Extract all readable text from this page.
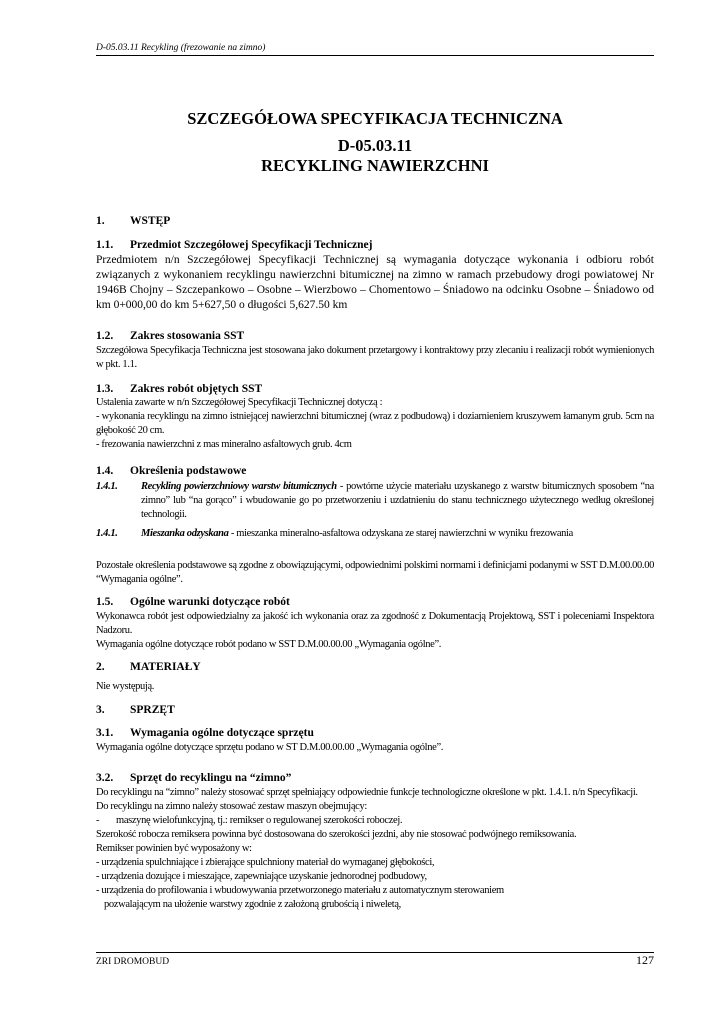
D-05.03.11 Recykling (frezowanie na zimno)
SZCZEGÓŁOWA SPECYFIKACJA TECHNICZNA
D-05.03.11
RECYKLING NAWIERZCHNI
1.	WSTĘP
1.1.	Przedmiot Szczegółowej Specyfikacji Technicznej

Przedmiotem n/n Szczegółowej Specyfikacji Technicznej są wymagania dotyczące wykonania i odbioru robót związanych z wykonaniem recyklingu nawierzchni bitumicznej na zimno w ramach przebudowy drogi powiatowej Nr 1946B Chojny – Szczepankowo – Osobne – Wierzbowo – Chomentowo – Śniadowo na odcinku Osobne – Śniadowo od km 0+000,00 do km 5+627,50 o długości 5,627.50 km

1.2.	Zakres stosowania SST

Szczegółowa Specyfikacja Techniczna jest stosowana jako dokument przetargowy i kontraktowy przy zlecaniu i realizacji robót wymienionych w pkt. 1.1.

1.3.	Zakres robót objętych SST

Ustalenia zawarte w n/n Szczegółowej Specyfikacji Technicznej dotyczą :

- wykonania recyklingu na zimno istniejącej nawierzchni bitumicznej (wraz z podbudową) i doziarnieniem kruszywem łamanym grub. 5cm na głębokość 20 cm.

- frezowania nawierzchni z mas mineralno asfaltowych grub. 4cm

1.4.	Określenia podstawowe
1.4.1.	Recykling powierzchniowy warstw bitumicznych - powtórne użycie materiału uzyskanego z warstw bitumicznych sposobem “na zimno” lub “na gorąco” i wbudowanie go po przetworzeniu i uzdatnieniu do stanu technicznego użytecznego według określonej technologii.
1.4.1.	Mieszanka odzyskana - mieszanka mineralno-asfaltowa odzyskana ze starej nawierzchni w wyniku frezowania

Pozostałe określenia podstawowe są zgodne z obowiązującymi, odpowiednimi polskimi normami i definicjami podanymi w SST D.M.00.00.00 “Wymagania ogólne”.

1.5.	Ogólne warunki dotyczące robót

Wykonawca robót jest odpowiedzialny za jakość ich wykonania oraz za zgodność z Dokumentacją Projektową, SST i poleceniami Inspektora Nadzoru.

Wymagania ogólne dotyczące robót podano w SST D.M.00.00.00 „Wymagania ogólne”.

2.	MATERIAŁY

Nie występują.

3.	SPRZĘT
3.1.	Wymagania ogólne dotyczące sprzętu

Wymagania ogólne dotyczące sprzętu podano w ST D.M.00.00.00 „Wymagania ogólne”.

3.2.	Sprzęt do recyklingu na “zimno”

Do recyklingu na “zimno” należy stosować sprzęt spełniający odpowiednie funkcje technologiczne określone w pkt. 1.4.1. n/n Specyfikacji.

Do recyklingu na zimno należy stosować zestaw maszyn obejmujący:

-	maszynę wielofunkcyjną, tj.: remikser o regulowanej szerokości roboczej.

Szerokość robocza remiksera powinna być dostosowana do szerokości jezdni, aby nie stosować podwójnego remiksowania.

Remikser powinien być wyposażony w:

- urządzenia spulchniające i zbierające spulchniony materiał do wymaganej głębokości,

- urządzenia dozujące i mieszające, zapewniające uzyskanie jednorodnej podbudowy,

- urządzenia do profilowania i wbudowywania przetworzonego materiału z automatycznym sterowaniem

pozwalającym na ułożenie warstwy zgodnie z założoną grubością i niweletą,

ZRI DROMOBUD	127
